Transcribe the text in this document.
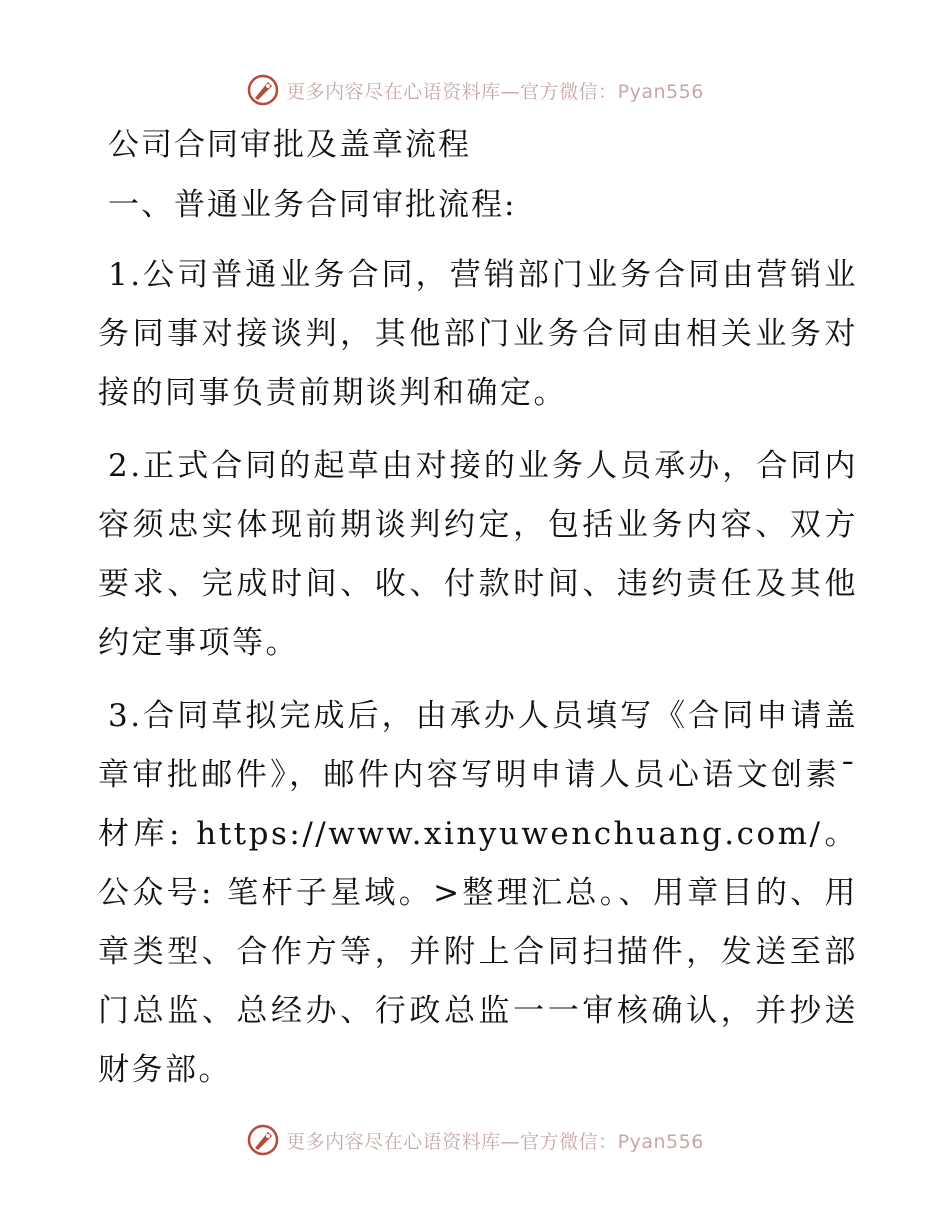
更多内容尽在心语资料库—官方微信：Pyan556
公司合同审批及盖章流程
一、普通业务合同审批流程:

1.公司普通业务合同，营销部门业务合同由营销业务同事对接谈判，其他部门业务合同由相关业务对接的同事负责前期谈判和确定。

2.正式合同的起草由对接的业务人员承办，合同内容须忠实体现前期谈判约定，包括业务内容、双方要求、完成时间、收、付款时间、违约责任及其他约定事项等。

3.合同草拟完成后，由承办人员填写《合同申请盖章审批邮件》，邮件内容写明申请人员心语文创素¯材库: https://www.xinyuwenchuang.com/。公众号: 笔杆子星域。>整理汇总。、用章目的、用章类型、合作方等，并附上合同扫描件，发送至部门总监、总经办、行政总监一一审核确认，并抄送财务部。

更多内容尽在心语资料库—官方微信：Pyan556
